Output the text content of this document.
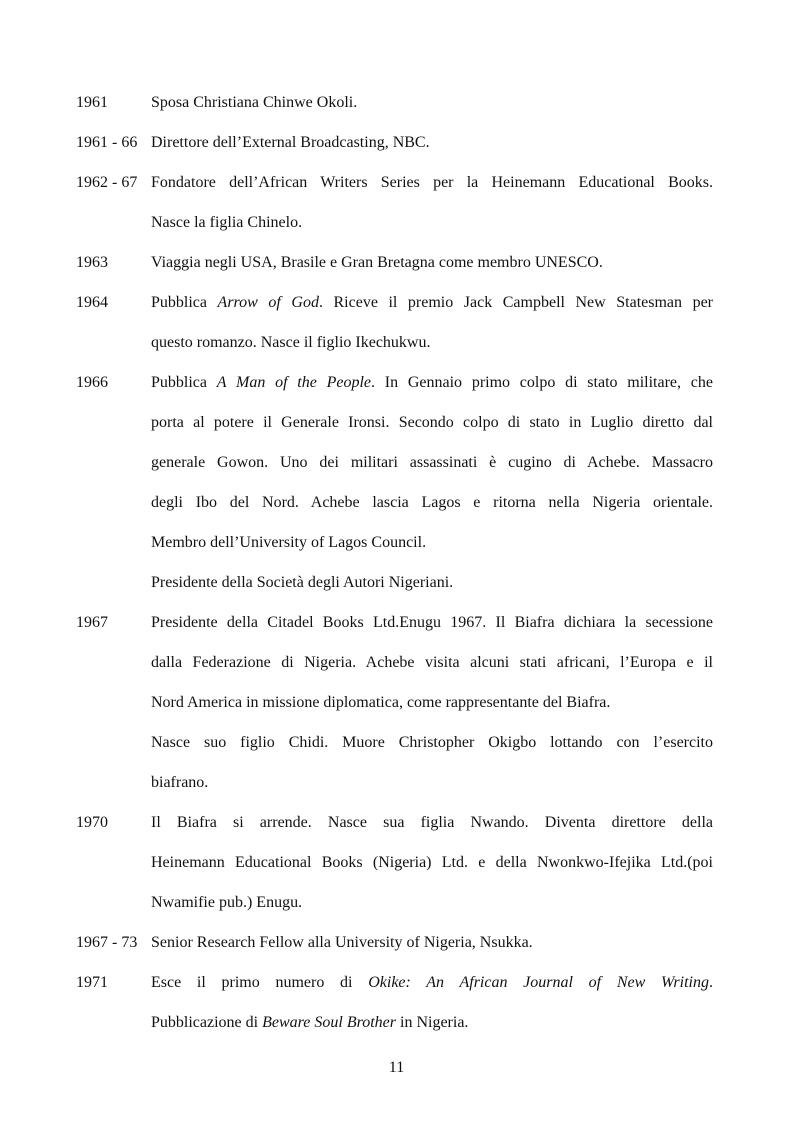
1961	Sposa Christiana Chinwe Okoli.
1961 - 66 Direttore dell’External Broadcasting, NBC.
1962 - 67 Fondatore dell’African Writers Series per la Heinemann Educational Books.
Nasce la figlia Chinelo.
1963	Viaggia negli USA, Brasile e Gran Bretagna come membro UNESCO.
1964	Pubblica Arrow of God. Riceve il premio Jack Campbell New Statesman per
questo romanzo. Nasce il figlio Ikechukwu.
1966	Pubblica A Man of the People. In Gennaio primo colpo di stato militare, che
porta al potere il Generale Ironsi. Secondo colpo di stato in Luglio diretto dal
generale Gowon. Uno dei militari assassinati è cugino di Achebe. Massacro
degli Ibo del Nord. Achebe lascia Lagos e ritorna nella Nigeria orientale.
Membro dell’University of Lagos Council.
Presidente della Società degli Autori Nigeriani.
1967	Presidente della Citadel Books Ltd.Enugu 1967. Il Biafra dichiara la secessione
dalla Federazione di Nigeria. Achebe visita alcuni stati africani, l’Europa e il
Nord America in missione diplomatica, come rappresentante del Biafra.
Nasce suo figlio Chidi. Muore Christopher Okigbo lottando con l’esercito
biafrano.
1970	Il Biafra si arrende. Nasce sua figlia Nwando. Diventa direttore della
Heinemann Educational Books (Nigeria) Ltd. e della Nwonkwo-Ifejika Ltd.(poi
Nwamifie pub.) Enugu.
1967 - 73 Senior Research Fellow alla University of Nigeria, Nsukka.
1971	Esce il primo numero di Okike: An African Journal of New Writing.
Pubblicazione di Beware Soul Brother in Nigeria.
11
